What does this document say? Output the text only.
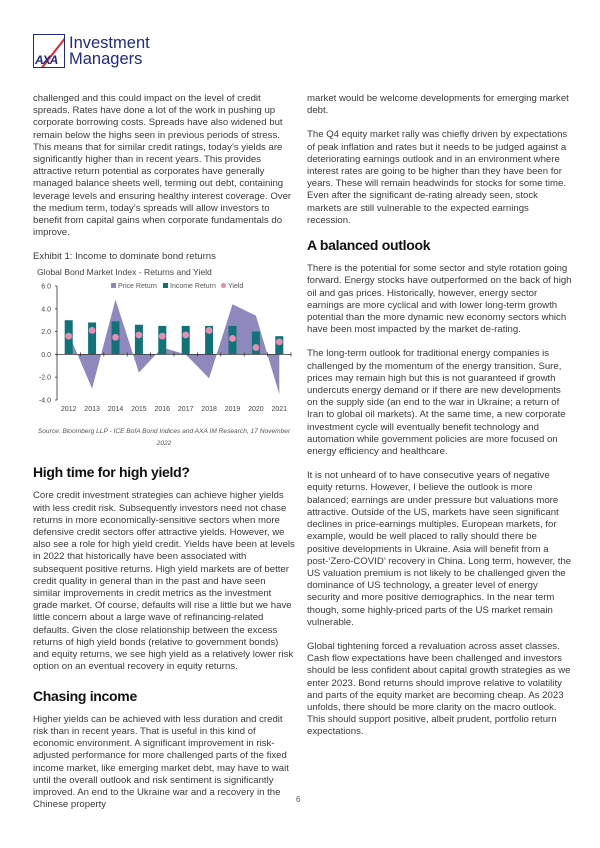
AXA
Investment
Managers

challenged and this could impact on the level of credit spreads. Rates have done a lot of the work in pushing up corporate borrowing costs. Spreads have also widened but remain below the highs seen in previous periods of stress. This means that for similar credit ratings, today’s yields are significantly higher than in recent years. This provides attractive return potential as corporates have generally managed balance sheets well, terming out debt, containing leverage levels and ensuring healthy interest coverage. Over the medium term, today’s spreads will allow investors to benefit from capital gains when corporate fundamentals do improve.

Exhibit 1: Income to dominate bond returns
Global Bond Market Index - Returns and Yield
6.0
4.0
2.0
0.0
-2.0
-4.0
2012 2013 2014 2015 2016 2017 2018 2019 2020 2021
Price Return Income Return Yield
Source: Bloomberg LLP - ICE BofA Bond Indices and AXA IM Research, 17 November 2022
High time for high yield?

Core credit investment strategies can achieve higher yields with less credit risk. Subsequently investors need not chase returns in more economically-sensitive sectors when more defensive credit sectors offer attractive yields. However, we also see a role for high yield credit. Yields have been at levels in 2022 that historically have been associated with subsequent positive returns. High yield markets are of better credit quality in general than in the past and have seen similar improvements in credit metrics as the investment grade market. Of course, defaults will rise a little but we have little concern about a large wave of refinancing-related defaults. Given the close relationship between the excess returns of high yield bonds (relative to government bonds) and equity returns, we see high yield as a relatively lower risk option on an eventual recovery in equity returns.

Chasing income

Higher yields can be achieved with less duration and credit risk than in recent years. That is useful in this kind of economic environment. A significant improvement in risk-adjusted performance for more challenged parts of the fixed income market, like emerging market debt, may have to wait until the overall outlook and risk sentiment is significantly improved. An end to the Ukraine war and a recovery in the Chinese property

market would be welcome developments for emerging market debt.

The Q4 equity market rally was chiefly driven by expectations of peak inflation and rates but it needs to be judged against a deteriorating earnings outlook and in an environment where interest rates are going to be higher than they have been for years. These will remain headwinds for stocks for some time. Even after the significant de-rating already seen, stock markets are still vulnerable to the expected earnings recession.

A balanced outlook

There is the potential for some sector and style rotation going forward. Energy stocks have outperformed on the back of high oil and gas prices. Historically, however, energy sector earnings are more cyclical and with lower long-term growth potential than the more dynamic new economy sectors which have been most impacted by the market de-rating.

The long-term outlook for traditional energy companies is challenged by the momentum of the energy transition. Sure, prices may remain high but this is not guaranteed if growth undercuts energy demand or if there are new developments on the supply side (an end to the war in Ukraine; a return of Iran to global oil markets). At the same time, a new corporate investment cycle will eventually benefit technology and automation while government policies are more focused on energy efficiency and healthcare.

It is not unheard of to have consecutive years of negative equity returns. However, I believe the outlook is more balanced; earnings are under pressure but valuations more attractive. Outside of the US, markets have seen significant declines in price-earnings multiples. European markets, for example, would be well placed to rally should there be positive developments in Ukraine. Asia will benefit from a post-‘Zero-COVID’ recovery in China. Long term, however, the US valuation premium is not likely to be challenged given the dominance of US technology, a greater level of energy security and more positive demographics. In the near term though, some highly-priced parts of the US market remain vulnerable.

Global tightening forced a revaluation across asset classes. Cash flow expectations have been challenged and investors should be less confident about capital growth strategies as we enter 2023. Bond returns should improve relative to volatility and parts of the equity market are becoming cheap. As 2023 unfolds, there should be more clarity on the macro outlook. This should support positive, albeit prudent, portfolio return expectations.

6
